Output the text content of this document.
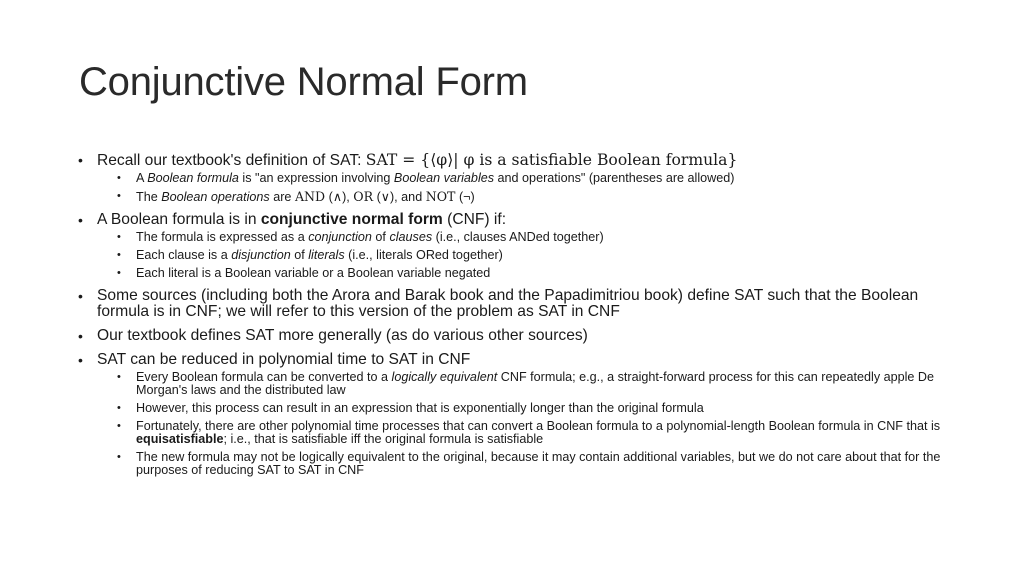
Conjunctive Normal Form
• Recall our textbook's definition of SAT: SAT = {⟨φ⟩| φ is a satisfiable Boolean formula}
• A Boolean formula is "an expression involving Boolean variables and operations" (parentheses are allowed)
• The Boolean operations are AND (∧), OR (∨), and NOT (¬)
• A Boolean formula is in conjunctive normal form (CNF) if:
• The formula is expressed as a conjunction of clauses (i.e., clauses ANDed together)
• Each clause is a disjunction of literals (i.e., literals ORed together)
• Each literal is a Boolean variable or a Boolean variable negated
• Some sources (including both the Arora and Barak book and the Papadimitriou book) define SAT such that the Boolean formula is in CNF; we will refer to this version of the problem as SAT in CNF
• Our textbook defines SAT more generally (as do various other sources)
• SAT can be reduced in polynomial time to SAT in CNF
• Every Boolean formula can be converted to a logically equivalent CNF formula; e.g., a straight-forward process for this can repeatedly apple De Morgan's laws and the distributed law
• However, this process can result in an expression that is exponentially longer than the original formula
• Fortunately, there are other polynomial time processes that can convert a Boolean formula to a polynomial-length Boolean formula in CNF that is equisatisfiable; i.e., that is satisfiable iff the original formula is satisfiable
• The new formula may not be logically equivalent to the original, because it may contain additional variables, but we do not care about that for the purposes of reducing SAT to SAT in CNF
